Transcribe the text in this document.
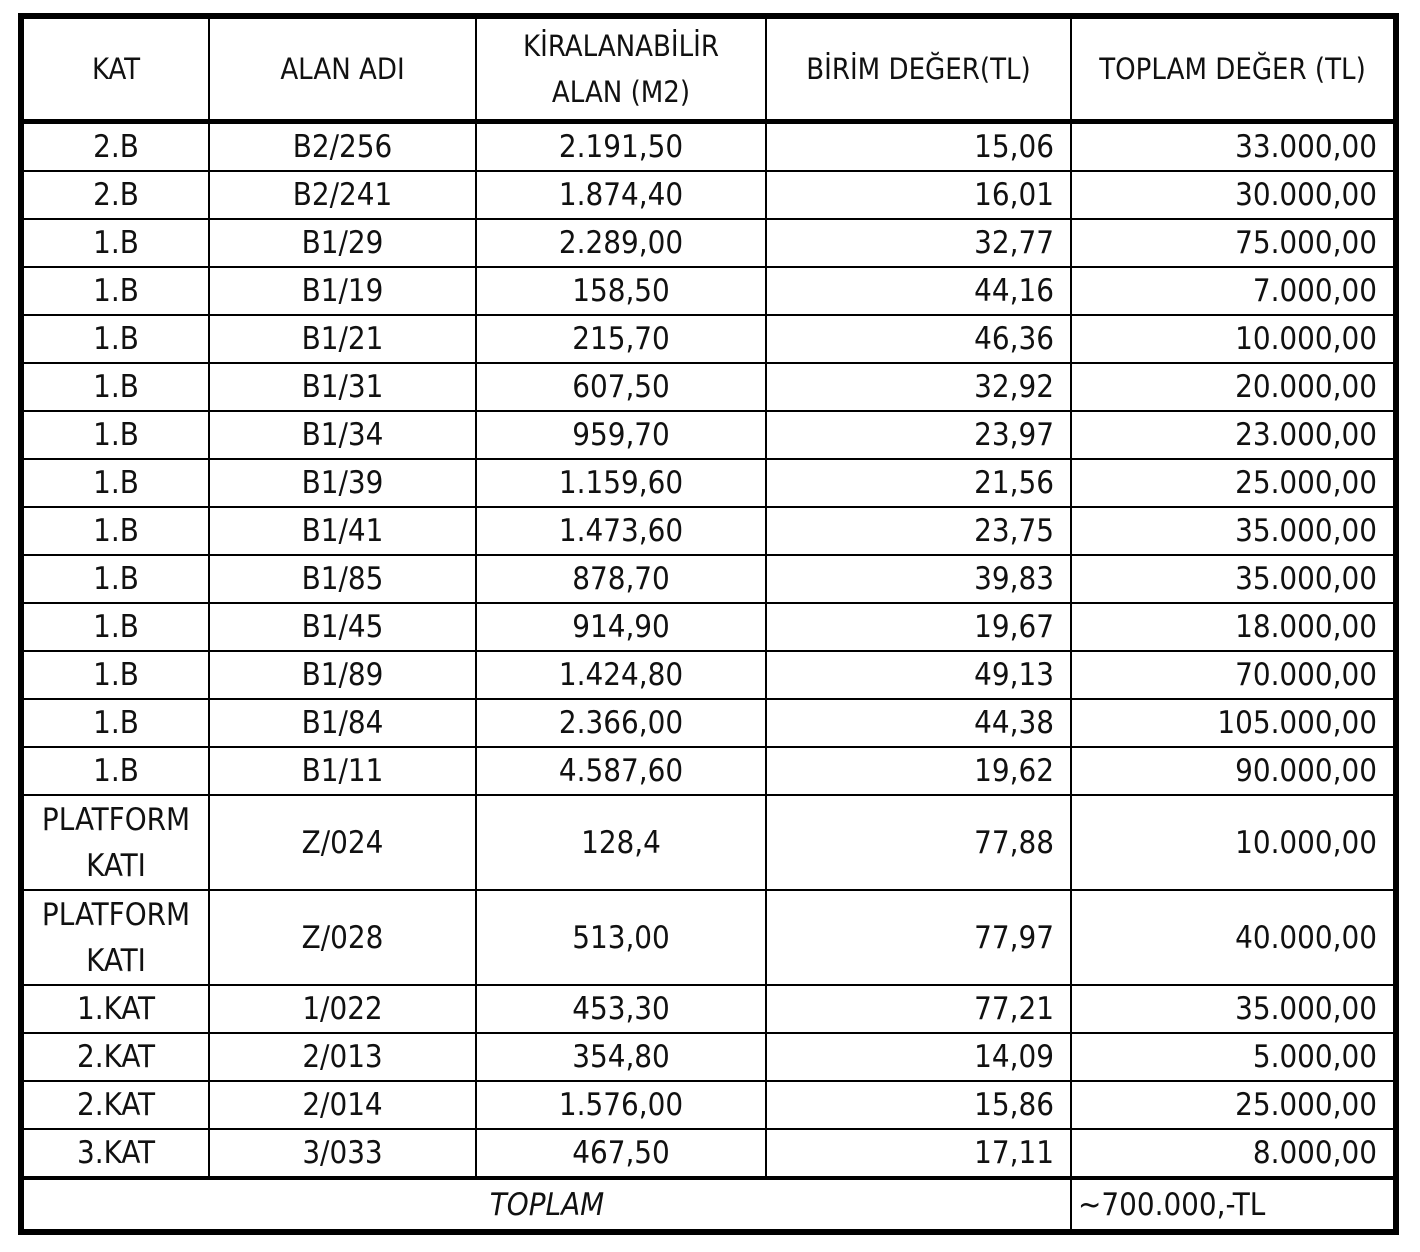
KAT	ALAN ADI	KİRALANABİLİR ALAN (M2)	BİRİM DEĞER(TL)	TOPLAM DEĞER (TL)
2.B	B2/256	2.191,50	15,06	33.000,00
2.B	B2/241	1.874,40	16,01	30.000,00
1.B	B1/29	2.289,00	32,77	75.000,00
1.B	B1/19	158,50	44,16	7.000,00
1.B	B1/21	215,70	46,36	10.000,00
1.B	B1/31	607,50	32,92	20.000,00
1.B	B1/34	959,70	23,97	23.000,00
1.B	B1/39	1.159,60	21,56	25.000,00
1.B	B1/41	1.473,60	23,75	35.000,00
1.B	B1/85	878,70	39,83	35.000,00
1.B	B1/45	914,90	19,67	18.000,00
1.B	B1/89	1.424,80	49,13	70.000,00
1.B	B1/84	2.366,00	44,38	105.000,00
1.B	B1/11	4.587,60	19,62	90.000,00
PLATFORM KATI	Z/024	128,4	77,88	10.000,00
PLATFORM KATI	Z/028	513,00	77,97	40.000,00
1.KAT	1/022	453,30	77,21	35.000,00
2.KAT	2/013	354,80	14,09	5.000,00
2.KAT	2/014	1.576,00	15,86	25.000,00
3.KAT	3/033	467,50	17,11	8.000,00
TOPLAM				~700.000,-TL
